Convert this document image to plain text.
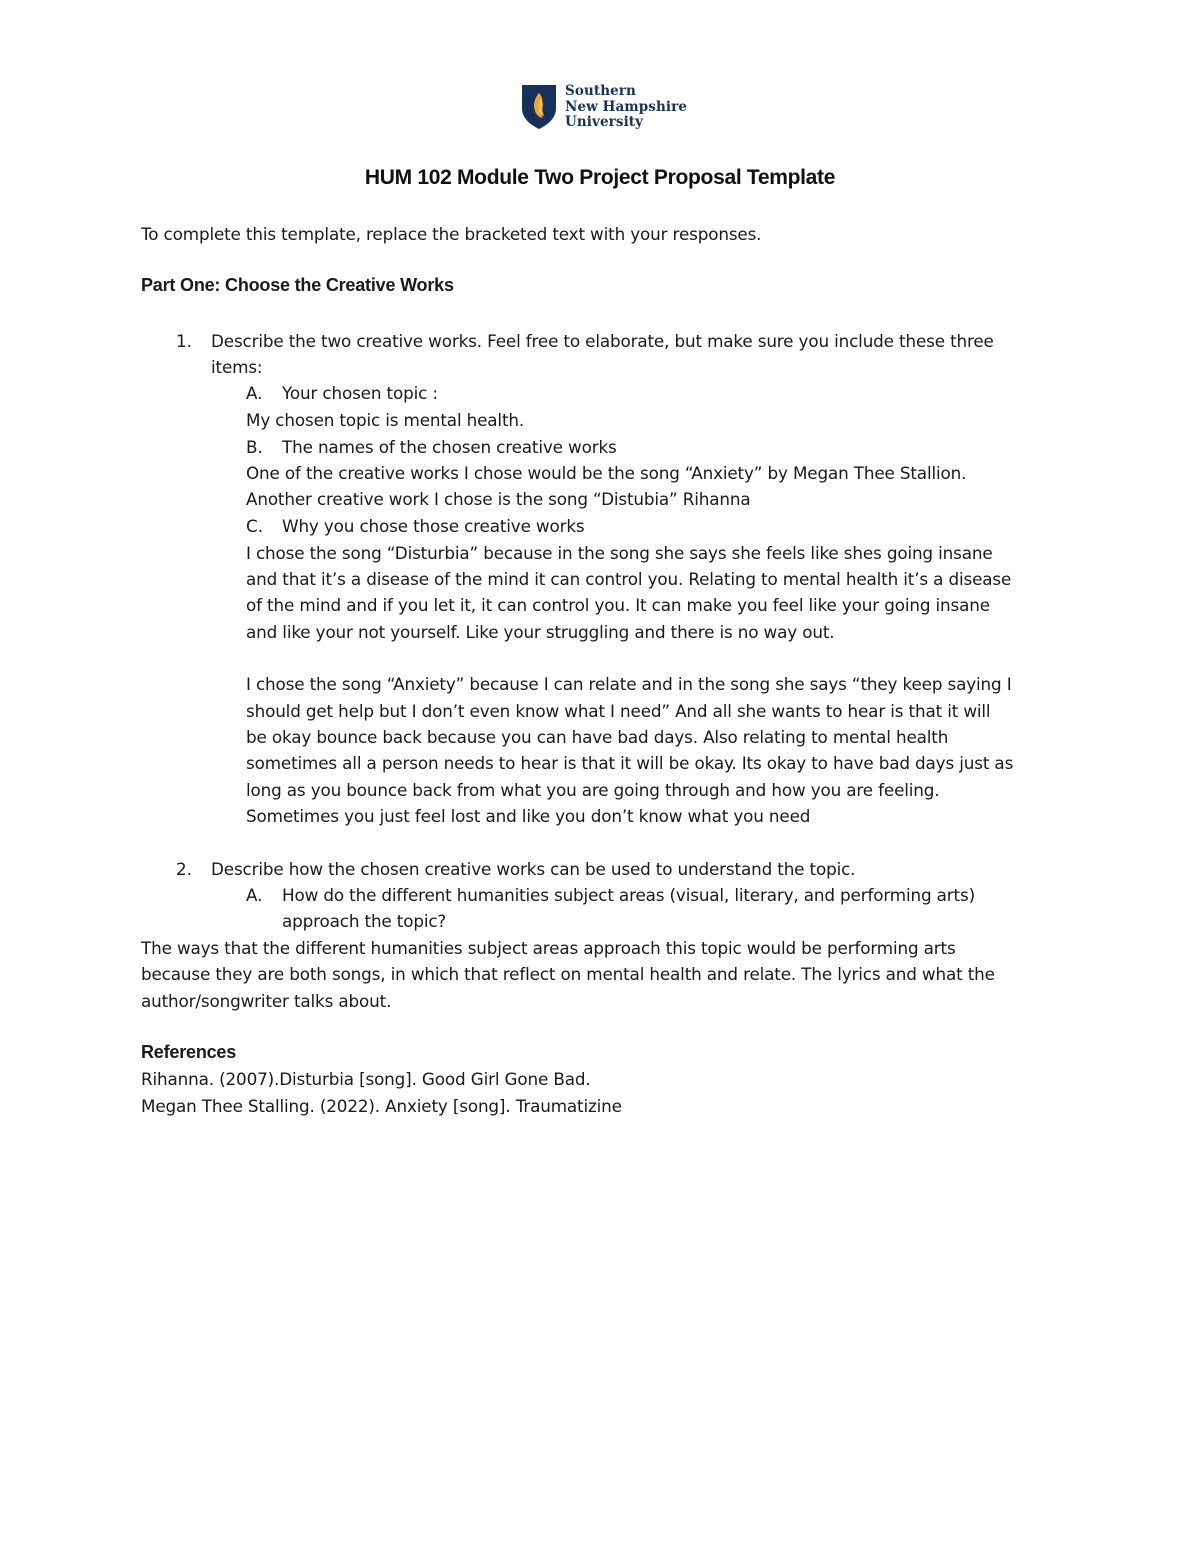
Southern
New Hampshire
University
HUM 102 Module Two Project Proposal Template
To complete this template, replace the bracketed text with your responses.
Part One: Choose the Creative Works
1. Describe the two creative works. Feel free to elaborate, but make sure you include these three
items:
A. Your chosen topic :
My chosen topic is mental health.
B. The names of the chosen creative works
One of the creative works I chose would be the song “Anxiety” by Megan Thee Stallion.
Another creative work I chose is the song “Distubia” Rihanna
C. Why you chose those creative works
I chose the song “Disturbia” because in the song she says she feels like shes going insane
and that it’s a disease of the mind it can control you. Relating to mental health it’s a disease
of the mind and if you let it, it can control you. It can make you feel like your going insane
and like your not yourself. Like your struggling and there is no way out.
I chose the song “Anxiety” because I can relate and in the song she says “they keep saying I
should get help but I don’t even know what I need” And all she wants to hear is that it will
be okay bounce back because you can have bad days. Also relating to mental health
sometimes all a person needs to hear is that it will be okay. Its okay to have bad days just as
long as you bounce back from what you are going through and how you are feeling.
Sometimes you just feel lost and like you don’t know what you need
2. Describe how the chosen creative works can be used to understand the topic.
A. How do the different humanities subject areas (visual, literary, and performing arts)
approach the topic?
The ways that the different humanities subject areas approach this topic would be performing arts
because they are both songs, in which that reflect on mental health and relate. The lyrics and what the
author/songwriter talks about.
References
Rihanna. (2007).Disturbia [song]. Good Girl Gone Bad.
Megan Thee Stalling. (2022). Anxiety [song]. Traumatizine
